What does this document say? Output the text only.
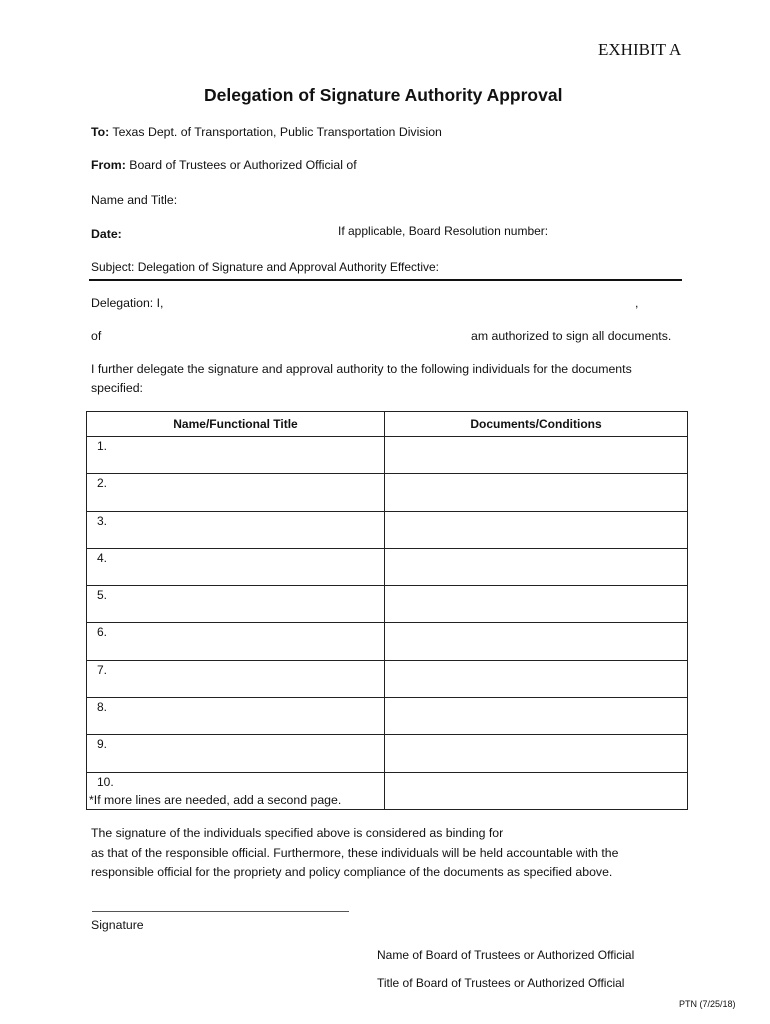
EXHIBIT A
Delegation of Signature Authority Approval
To: Texas Dept. of Transportation, Public Transportation Division
From: Board of Trustees or Authorized Official of
Name and Title:
Date:	If applicable, Board Resolution number:
Subject: Delegation of Signature and Approval Authority Effective:
Delegation: I,	,
of	am authorized to sign all documents.
I further delegate the signature and approval authority to the following individuals for the documents
specified:
Name/Functional Title	Documents/Conditions
1.	
2.	
3.	
4.	
5.	
6.	
7.	
8.	
9.	
10.	
*If more lines are needed, add a second page.
The signature of the individuals specified above is considered as binding for
as that of the responsible official. Furthermore, these individuals will be held accountable with the
responsible official for the propriety and policy compliance of the documents as specified above.
Signature
Name of Board of Trustees or Authorized Official
Title of Board of Trustees or Authorized Official
PTN (7/25/18)
